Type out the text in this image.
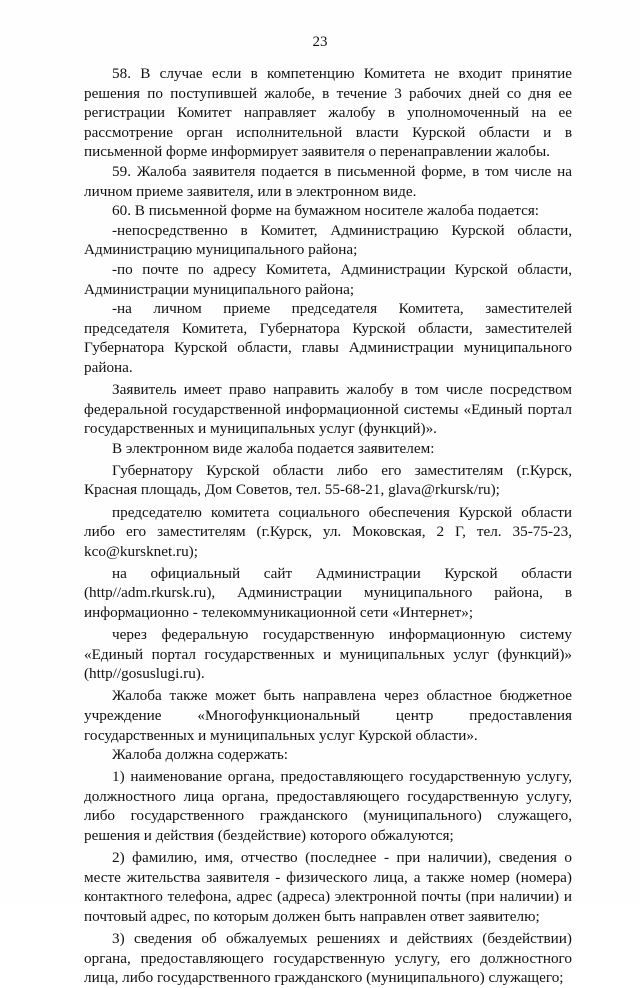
23
58. В случае если в компетенцию Комитета не входит принятие
решения по поступившей жалобе, в течение 3 рабочих дней со дня ее
регистрации Комитет направляет жалобу в уполномоченный на ее
рассмотрение орган исполнительной власти Курской области и в
письменной форме информирует заявителя о перенаправлении жалобы.
59. Жалоба заявителя подается в письменной форме, в том числе на
личном приеме заявителя, или в электронном виде.
60. В письменной форме на бумажном носителе жалоба подается:
-непосредственно в Комитет, Администрацию Курской области,
Администрацию муниципального района;
-по почте по адресу Комитета, Администрации Курской области,
Администрации муниципального района;
-на личном приеме председателя Комитета, заместителей
председателя Комитета, Губернатора Курской области, заместителей
Губернатора Курской области, главы Администрации муниципального
района.
Заявитель имеет право направить жалобу в том числе посредством
федеральной государственной информационной системы «Единый портал
государственных и муниципальных услуг (функций)».
В электронном виде жалоба подается заявителем:
Губернатору Курской области либо его заместителям (г.Курск,
Красная площадь, Дом Советов, тел. 55-68-21, glava@rkursk/ru);
председателю комитета социального обеспечения Курской области
либо его заместителям (г.Курск, ул. Моковская, 2 Г, тел. 35-75-23,
kco@kursknet.ru);
на официальный сайт Администрации Курской области
(http//adm.rkursk.ru), Администрации муниципального района, в
информационно - телекоммуникационной сети «Интернет»;
через федеральную государственную информационную систему
«Единый портал государственных и муниципальных услуг (функций)»
(http//gosuslugi.ru).
Жалоба также может быть направлена через областное бюджетное
учреждение «Многофункциональный центр предоставления
государственных и муниципальных услуг Курской области».
Жалоба должна содержать:
1) наименование органа, предоставляющего государственную услугу,
должностного лица органа, предоставляющего государственную услугу,
либо государственного гражданского (муниципального) служащего,
решения и действия (бездействие) которого обжалуются;
2) фамилию, имя, отчество (последнее - при наличии), сведения о
месте жительства заявителя - физического лица, а также номер (номера)
контактного телефона, адрес (адреса) электронной почты (при наличии) и
почтовый адрес, по которым должен быть направлен ответ заявителю;
3) сведения об обжалуемых решениях и действиях (бездействии)
органа, предоставляющего государственную услугу, его должностного
лица, либо государственного гражданского (муниципального) служащего;
